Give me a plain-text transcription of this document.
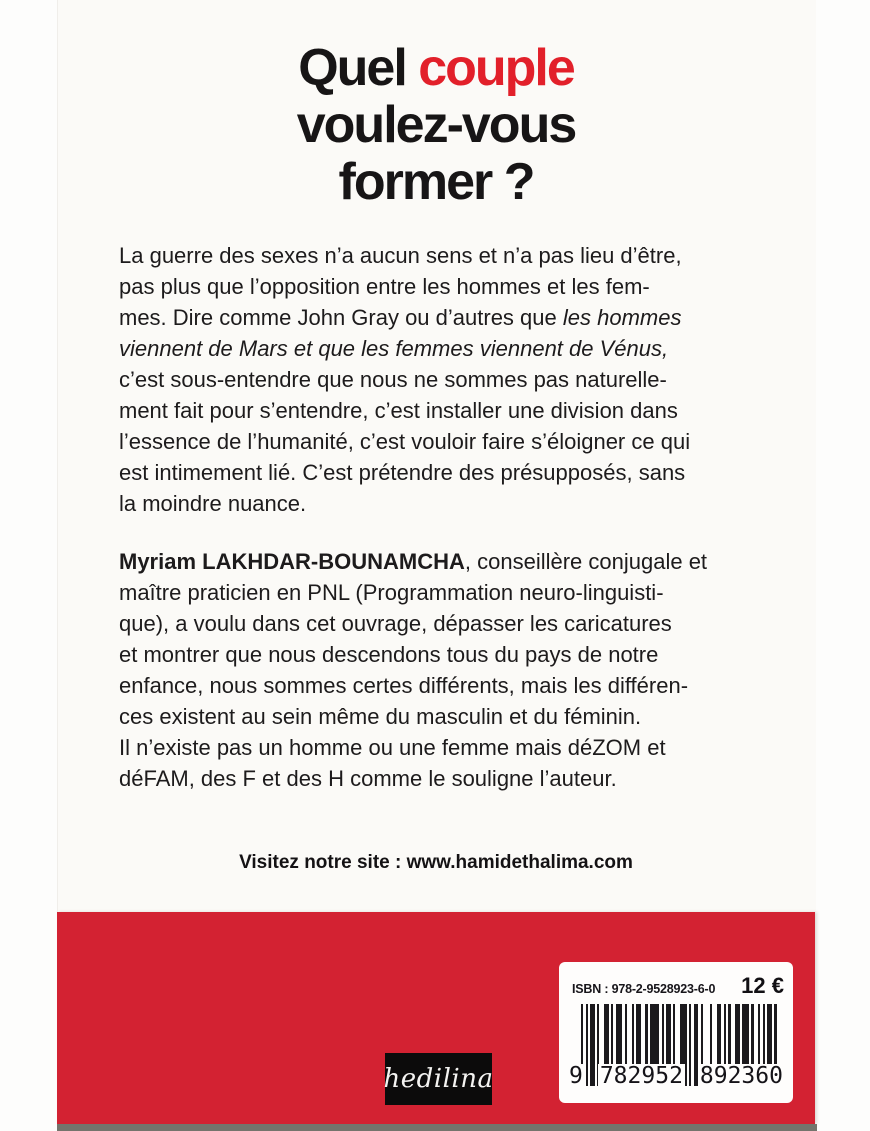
Quel couple
voulez-vous
former ?
La guerre des sexes n’a aucun sens et n’a pas lieu d’être,
pas plus que l’opposition entre les hommes et les fem-
mes. Dire comme John Gray ou d’autres que les hommes
viennent de Mars et que les femmes viennent de Vénus,
c’est sous-entendre que nous ne sommes pas naturelle-
ment fait pour s’entendre, c’est installer une division dans
l’essence de l’humanité, c’est vouloir faire s’éloigner ce qui
est intimement lié. C’est prétendre des présupposés, sans
la moindre nuance.
Myriam LAKHDAR-BOUNAMCHA, conseillère conjugale et
maître praticien en PNL (Programmation neuro-linguisti-
que), a voulu dans cet ouvrage, dépasser les caricatures
et montrer que nous descendons tous du pays de notre
enfance, nous sommes certes différents, mais les différen-
ces existent au sein même du masculin et du féminin.
Il n’existe pas un homme ou une femme mais déZOM et
déFAM, des F et des H comme le souligne l’auteur.
Visitez notre site : www.hamidethalima.com
hedilina
ISBN : 978-2-9528923-6-0 12 €
9 782952 892360
